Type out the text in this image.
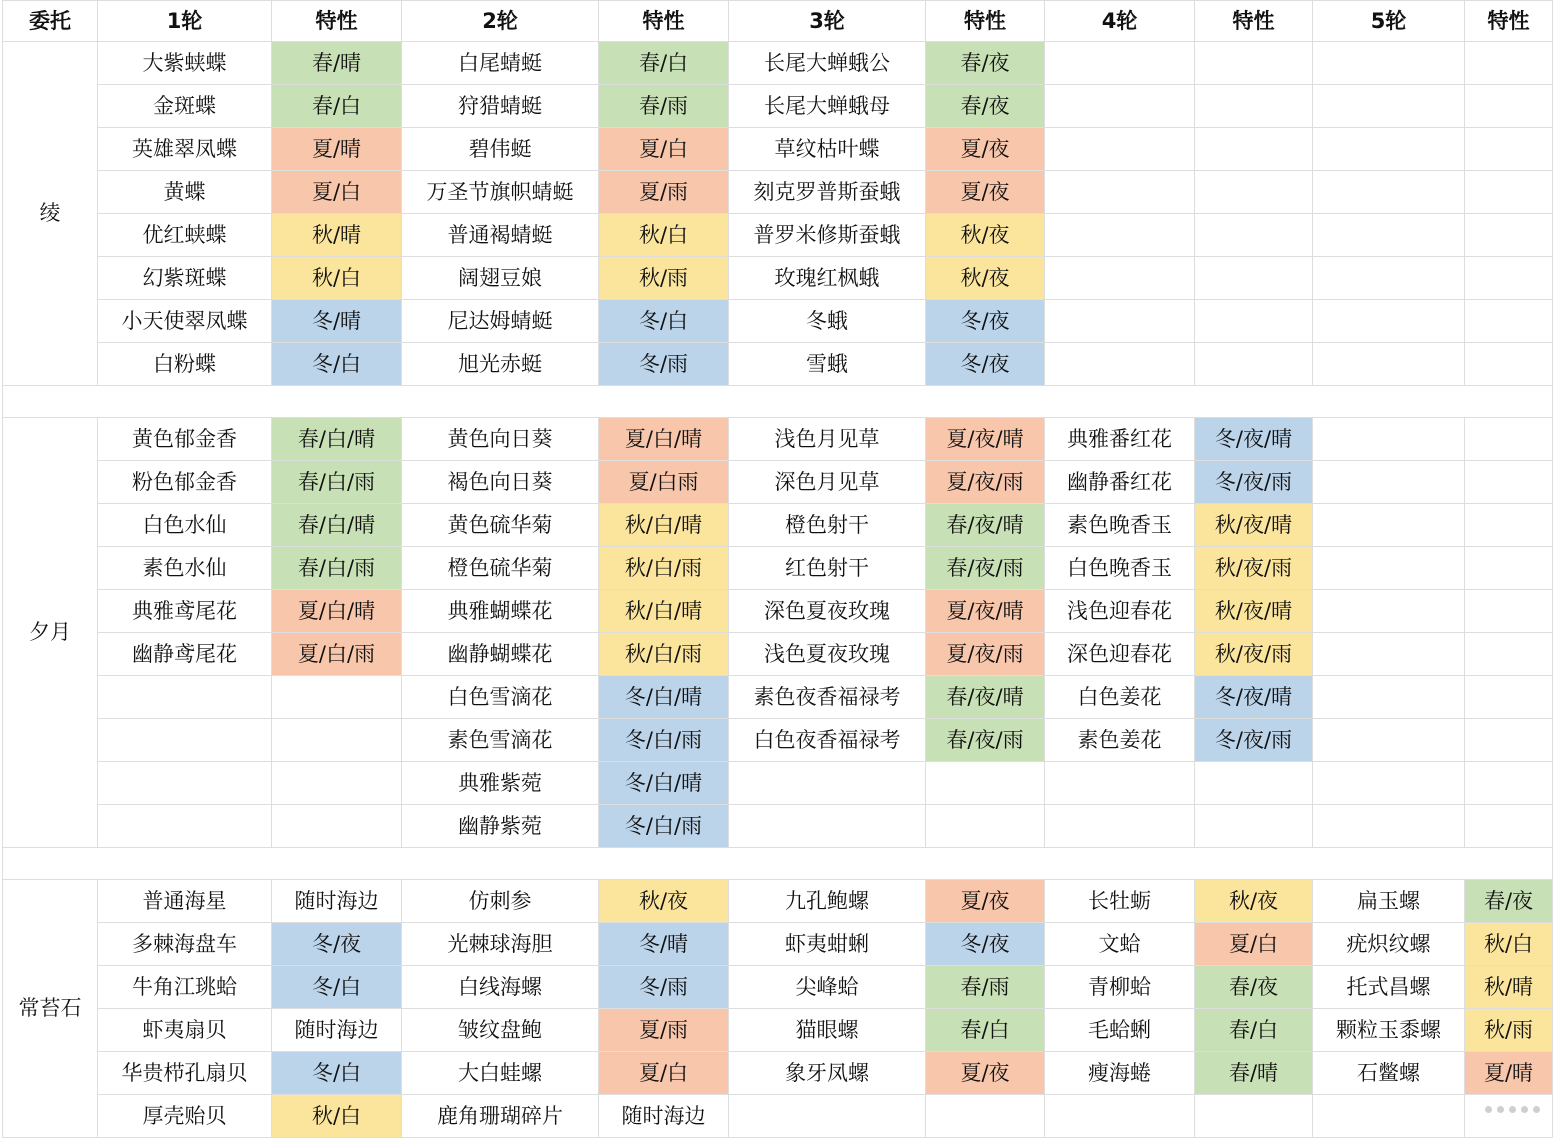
委托	1轮	特性	2轮	特性	3轮	特性	4轮	特性	5轮	特性
绫	大紫蛱蝶	春/晴	白尾蜻蜓	春/白	长尾大蝉蛾公	春/夜				
	金斑蝶	春/白	狩猎蜻蜓	春/雨	长尾大蝉蛾母	春/夜				
	英雄翠凤蝶	夏/晴	碧伟蜓	夏/白	草纹枯叶蝶	夏/夜				
	黄蝶	夏/白	万圣节旗帜蜻蜓	夏/雨	刻克罗普斯蚕蛾	夏/夜				
	优红蛱蝶	秋/晴	普通褐蜻蜓	秋/白	普罗米修斯蚕蛾	秋/夜				
	幻紫斑蝶	秋/白	阔翅豆娘	秋/雨	玫瑰红枫蛾	秋/夜				
	小天使翠凤蝶	冬/晴	尼达姆蜻蜓	冬/白	冬蛾	冬/夜				
	白粉蝶	冬/白	旭光赤蜓	冬/雨	雪蛾	冬/夜				

夕月	黄色郁金香	春/白/晴	黄色向日葵	夏/白/晴	浅色月见草	夏/夜/晴	典雅番红花	冬/夜/晴		
	粉色郁金香	春/白/雨	褐色向日葵	夏/白雨	深色月见草	夏/夜/雨	幽静番红花	冬/夜/雨		
	白色水仙	春/白/晴	黄色硫华菊	秋/白/晴	橙色射干	春/夜/晴	素色晚香玉	秋/夜/晴		
	素色水仙	春/白/雨	橙色硫华菊	秋/白/雨	红色射干	春/夜/雨	白色晚香玉	秋/夜/雨		
	典雅鸢尾花	夏/白/晴	典雅蝴蝶花	秋/白/晴	深色夏夜玫瑰	夏/夜/晴	浅色迎春花	秋/夜/晴		
	幽静鸢尾花	夏/白/雨	幽静蝴蝶花	秋/白/雨	浅色夏夜玫瑰	夏/夜/雨	深色迎春花	秋/夜/雨		
			白色雪滴花	冬/白/晴	素色夜香福禄考	春/夜/晴	白色姜花	冬/夜/晴		
			素色雪滴花	冬/白/雨	白色夜香福禄考	春/夜/雨	素色姜花	冬/夜/雨		
			典雅紫菀	冬/白/晴						
			幽静紫菀	冬/白/雨						

常苔石	普通海星	随时海边	仿刺参	秋/夜	九孔鲍螺	夏/夜	长牡蛎	秋/夜	扁玉螺	春/夜
	多棘海盘车	冬/夜	光棘球海胆	冬/晴	虾夷蚶蜊	冬/夜	文蛤	夏/白	疣炽纹螺	秋/白
	牛角江珧蛤	冬/白	白线海螺	冬/雨	尖峰蛤	春/雨	青柳蛤	春/夜	托式昌螺	秋/晴
	虾夷扇贝	随时海边	皱纹盘鲍	夏/雨	猫眼螺	春/白	毛蛤蜊	春/白	颗粒玉黍螺	秋/雨
	华贵栉孔扇贝	冬/白	大白蛙螺	夏/白	象牙凤螺	夏/夜	瘦海蜷	春/晴	石鳖螺	夏/晴
	厚壳贻贝	秋/白	鹿角珊瑚碎片	随时海边						
